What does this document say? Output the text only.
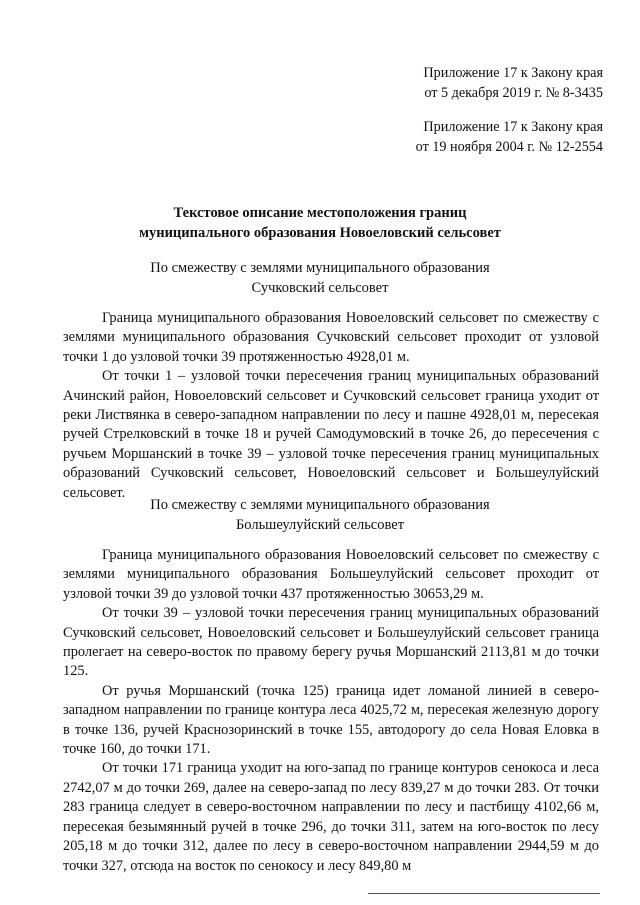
Приложение 17 к Закону края
от 5 декабря 2019 г. № 8-3435
Приложение 17 к Закону края
от 19 ноября 2004 г. № 12-2554
Текстовое описание местоположения границ
муниципального образования Новоеловский сельсовет
По смежеству с землями муниципального образования
Сучковский сельсовет

Граница муниципального образования Новоеловский сельсовет по смежеству с землями муниципального образования Сучковский сельсовет проходит от узловой точки 1 до узловой точки 39 протяженностью 4928,01 м.

От точки 1 – узловой точки пересечения границ муниципальных образований Ачинский район, Новоеловский сельсовет и Сучковский сельсовет граница уходит от реки Листвянка в северо-западном направлении по лесу и пашне 4928,01 м, пересекая ручей Стрелковский в точке 18 и ручей Самодумовский в точке 26, до пересечения с ручьем Моршанский в точке 39 – узловой точке пересечения границ муниципальных образований Сучковский сельсовет, Новоеловский сельсовет и Большеулуйский сельсовет.

По смежеству с землями муниципального образования
Большеулуйский сельсовет

Граница муниципального образования Новоеловский сельсовет по смежеству с землями муниципального образования Большеулуйский сельсовет проходит от узловой точки 39 до узловой точки 437 протяженностью 30653,29 м.

От точки 39 – узловой точки пересечения границ муниципальных образований Сучковский сельсовет, Новоеловский сельсовет и Большеулуйский сельсовет граница пролегает на северо-восток по правому берегу ручья Моршанский 2113,81 м до точки 125.

От ручья Моршанский (точка 125) граница идет ломаной линией в северо-западном направлении по границе контура леса 4025,72 м, пересекая железную дорогу в точке 136, ручей Краснозоринский в точке 155, автодорогу до села Новая Еловка в точке 160, до точки 171.

От точки 171 граница уходит на юго-запад по границе контуров сенокоса и леса 2742,07 м до точки 269, далее на северо-запад по лесу 839,27 м до точки 283. От точки 283 граница следует в северо-восточном направлении по лесу и пастбищу 4102,66 м, пересекая безымянный ручей в точке 296, до точки 311, затем на юго-восток по лесу 205,18 м до точки 312, далее по лесу в северо-восточном направлении 2944,59 м до точки 327, отсюда на восток по сенокосу и лесу 849,80 м
